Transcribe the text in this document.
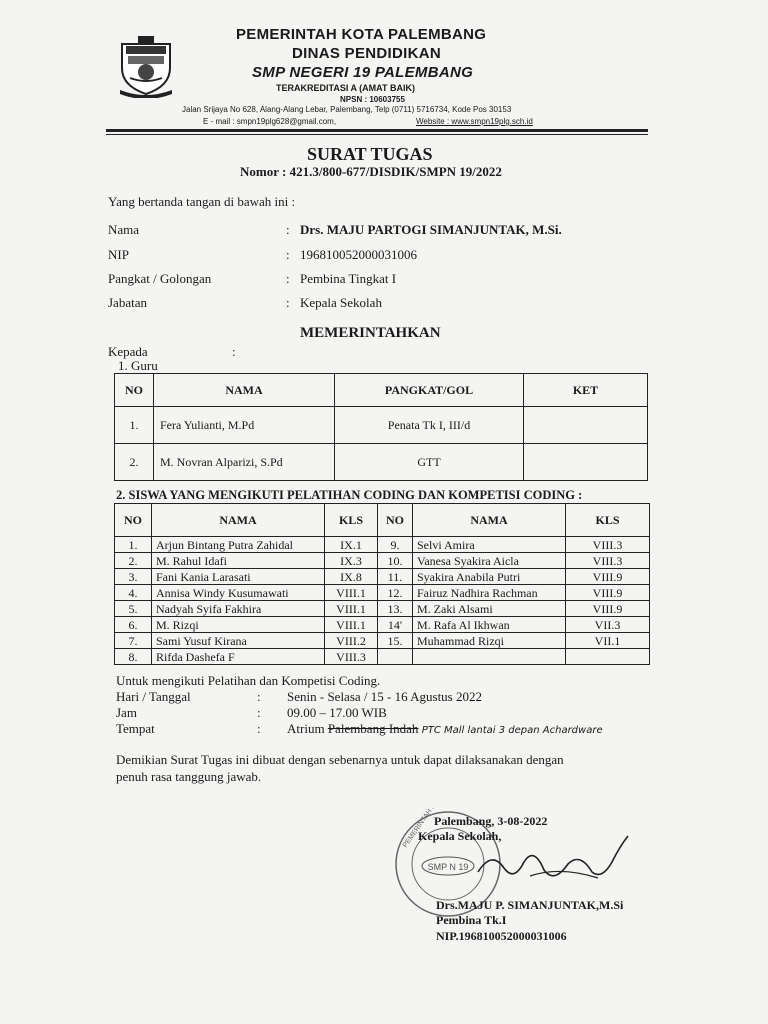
PEMERINTAH KOTA PALEMBANG
DINAS PENDIDIKAN
SMP NEGERI 19 PALEMBANG
TERAKREDITASI A (AMAT BAIK)
NPSN : 10603755
Jalan Srijaya No 628, Alang-Alang Lebar, Palembang, Telp (0711) 5716734, Kode Pos 30153
E - mail : smpn19plg628@gmail.com,	Website : www.smpn19plg.sch.id
SURAT TUGAS
Nomor : 421.3/800-677/DISDIK/SMPN 19/2022
Yang bertanda tangan di bawah ini :
Nama	: Drs. MAJU PARTOGI SIMANJUNTAK, M.Si.
NIP	: 196810052000031006
Pangkat / Golongan	: Pembina Tingkat I
Jabatan	: Kepala Sekolah
MEMERINTAHKAN
Kepada	:
1. Guru
NO	NAMA	PANGKAT/GOL	KET
1.	Fera Yulianti, M.Pd	Penata Tk I, III/d	
2.	M. Novran Alparizi, S.Pd	GTT	
2. SISWA YANG MENGIKUTI PELATIHAN CODING DAN KOMPETISI CODING :
NO	NAMA	KLS	NO	NAMA	KLS
1.	Arjun Bintang Putra Zahidal	IX.1	9.	Selvi Amira	VIII.3
2.	M. Rahul Idafi	IX.3	10.	Vanesa Syakira Aicla	VIII.3
3.	Fani Kania Larasati	IX.8	11.	Syakira Anabila Putri	VIII.9
4.	Annisa Windy Kusumawati	VIII.1	12.	Fairuz Nadhira Rachman	VIII.9
5.	Nadyah Syifa Fakhira	VIII.1	13.	M. Zaki Alsami	VIII.9
6.	M. Rizqi	VIII.1	14'	M. Rafa Al Ikhwan	VII.3
7.	Sami Yusuf Kirana	VIII.2	15.	Muhammad Rizqi	VII.1
8.	Rifda Dashefa F	VIII.3			
Untuk mengikuti Pelatihan dan Kompetisi Coding.
Hari / Tanggal	: Senin - Selasa / 15 - 16 Agustus 2022
Jam	: 09.00 – 17.00 WIB
Tempat	: Atrium Palembang Indah PTC Mall lantai 3 depan Achardware
Demikian Surat Tugas ini dibuat dengan sebenarnya untuk dapat dilaksanakan dengan
penuh rasa tanggung jawab.
SMP N 19
Palembang, 3-08-2022
Kepala Sekolah,
Drs.MAJU P. SIMANJUNTAK,M.Si
Pembina Tk.I
NIP.196810052000031006
